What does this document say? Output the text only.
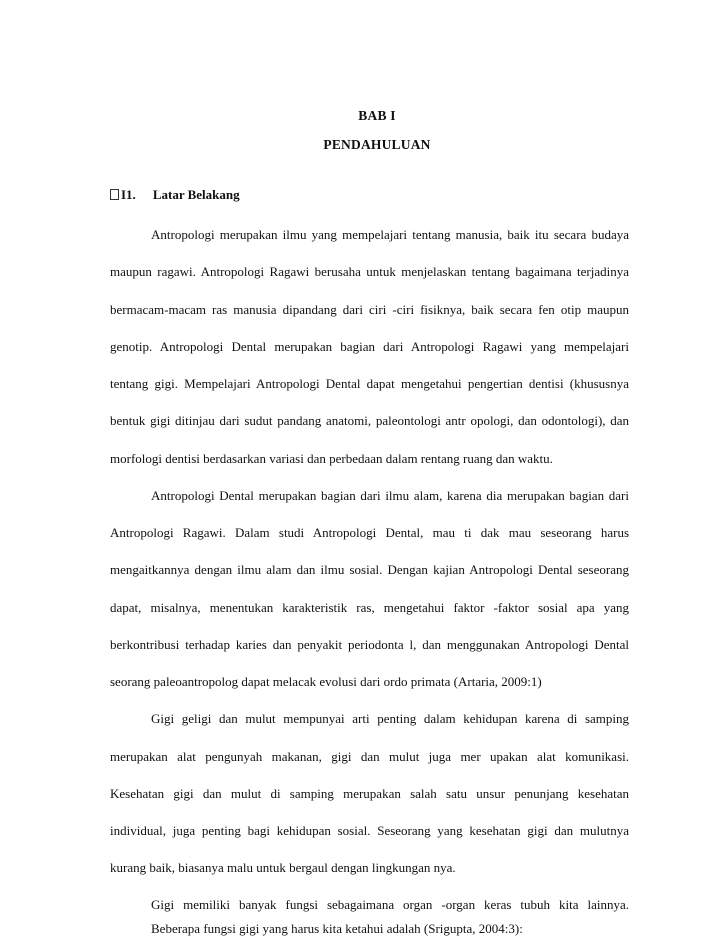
BAB I
PENDAHULUAN
I1. Latar Belakang
Antropologi merupakan ilmu yang mempelajari tentang manusia, baik itu secara budaya
maupun ragawi. Antropologi Ragawi berusaha untuk menjelaskan tentang bagaimana terjadinya
bermacam-macam ras manusia dipandang dari ciri -ciri fisiknya, baik secara fen otip maupun
genotip. Antropologi Dental merupakan bagian dari Antropologi Ragawi yang mempelajari
tentang gigi. Mempelajari Antropologi Dental dapat mengetahui pengertian dentisi (khususnya
bentuk gigi ditinjau dari sudut pandang anatomi, paleontologi antr opologi, dan odontologi), dan
morfologi dentisi berdasarkan variasi dan perbedaan dalam rentang ruang dan waktu.
Antropologi Dental merupakan bagian dari ilmu alam, karena dia merupakan bagian dari
Antropologi Ragawi. Dalam studi Antropologi Dental, mau ti dak mau seseorang harus
mengaitkannya dengan ilmu alam dan ilmu sosial. Dengan kajian Antropologi Dental seseorang
dapat, misalnya, menentukan karakteristik ras, mengetahui faktor -faktor sosial apa yang
berkontribusi terhadap karies dan penyakit periodonta l, dan menggunakan Antropologi Dental
seorang paleoantropolog dapat melacak evolusi dari ordo primata (Artaria, 2009:1)
Gigi geligi dan mulut mempunyai arti penting dalam kehidupan karena di samping
merupakan alat pengunyah makanan, gigi dan mulut juga mer upakan alat komunikasi.
Kesehatan gigi dan mulut di samping merupakan salah satu unsur penunjang kesehatan
individual, juga penting bagi kehidupan sosial. Seseorang yang kesehatan gigi dan mulutnya
kurang baik, biasanya malu untuk bergaul dengan lingkungan nya.
Gigi memiliki banyak fungsi sebagaimana organ -organ keras tubuh kita lainnya.
Beberapa fungsi gigi yang harus kita ketahui adalah (Srigupta, 2004:3):
